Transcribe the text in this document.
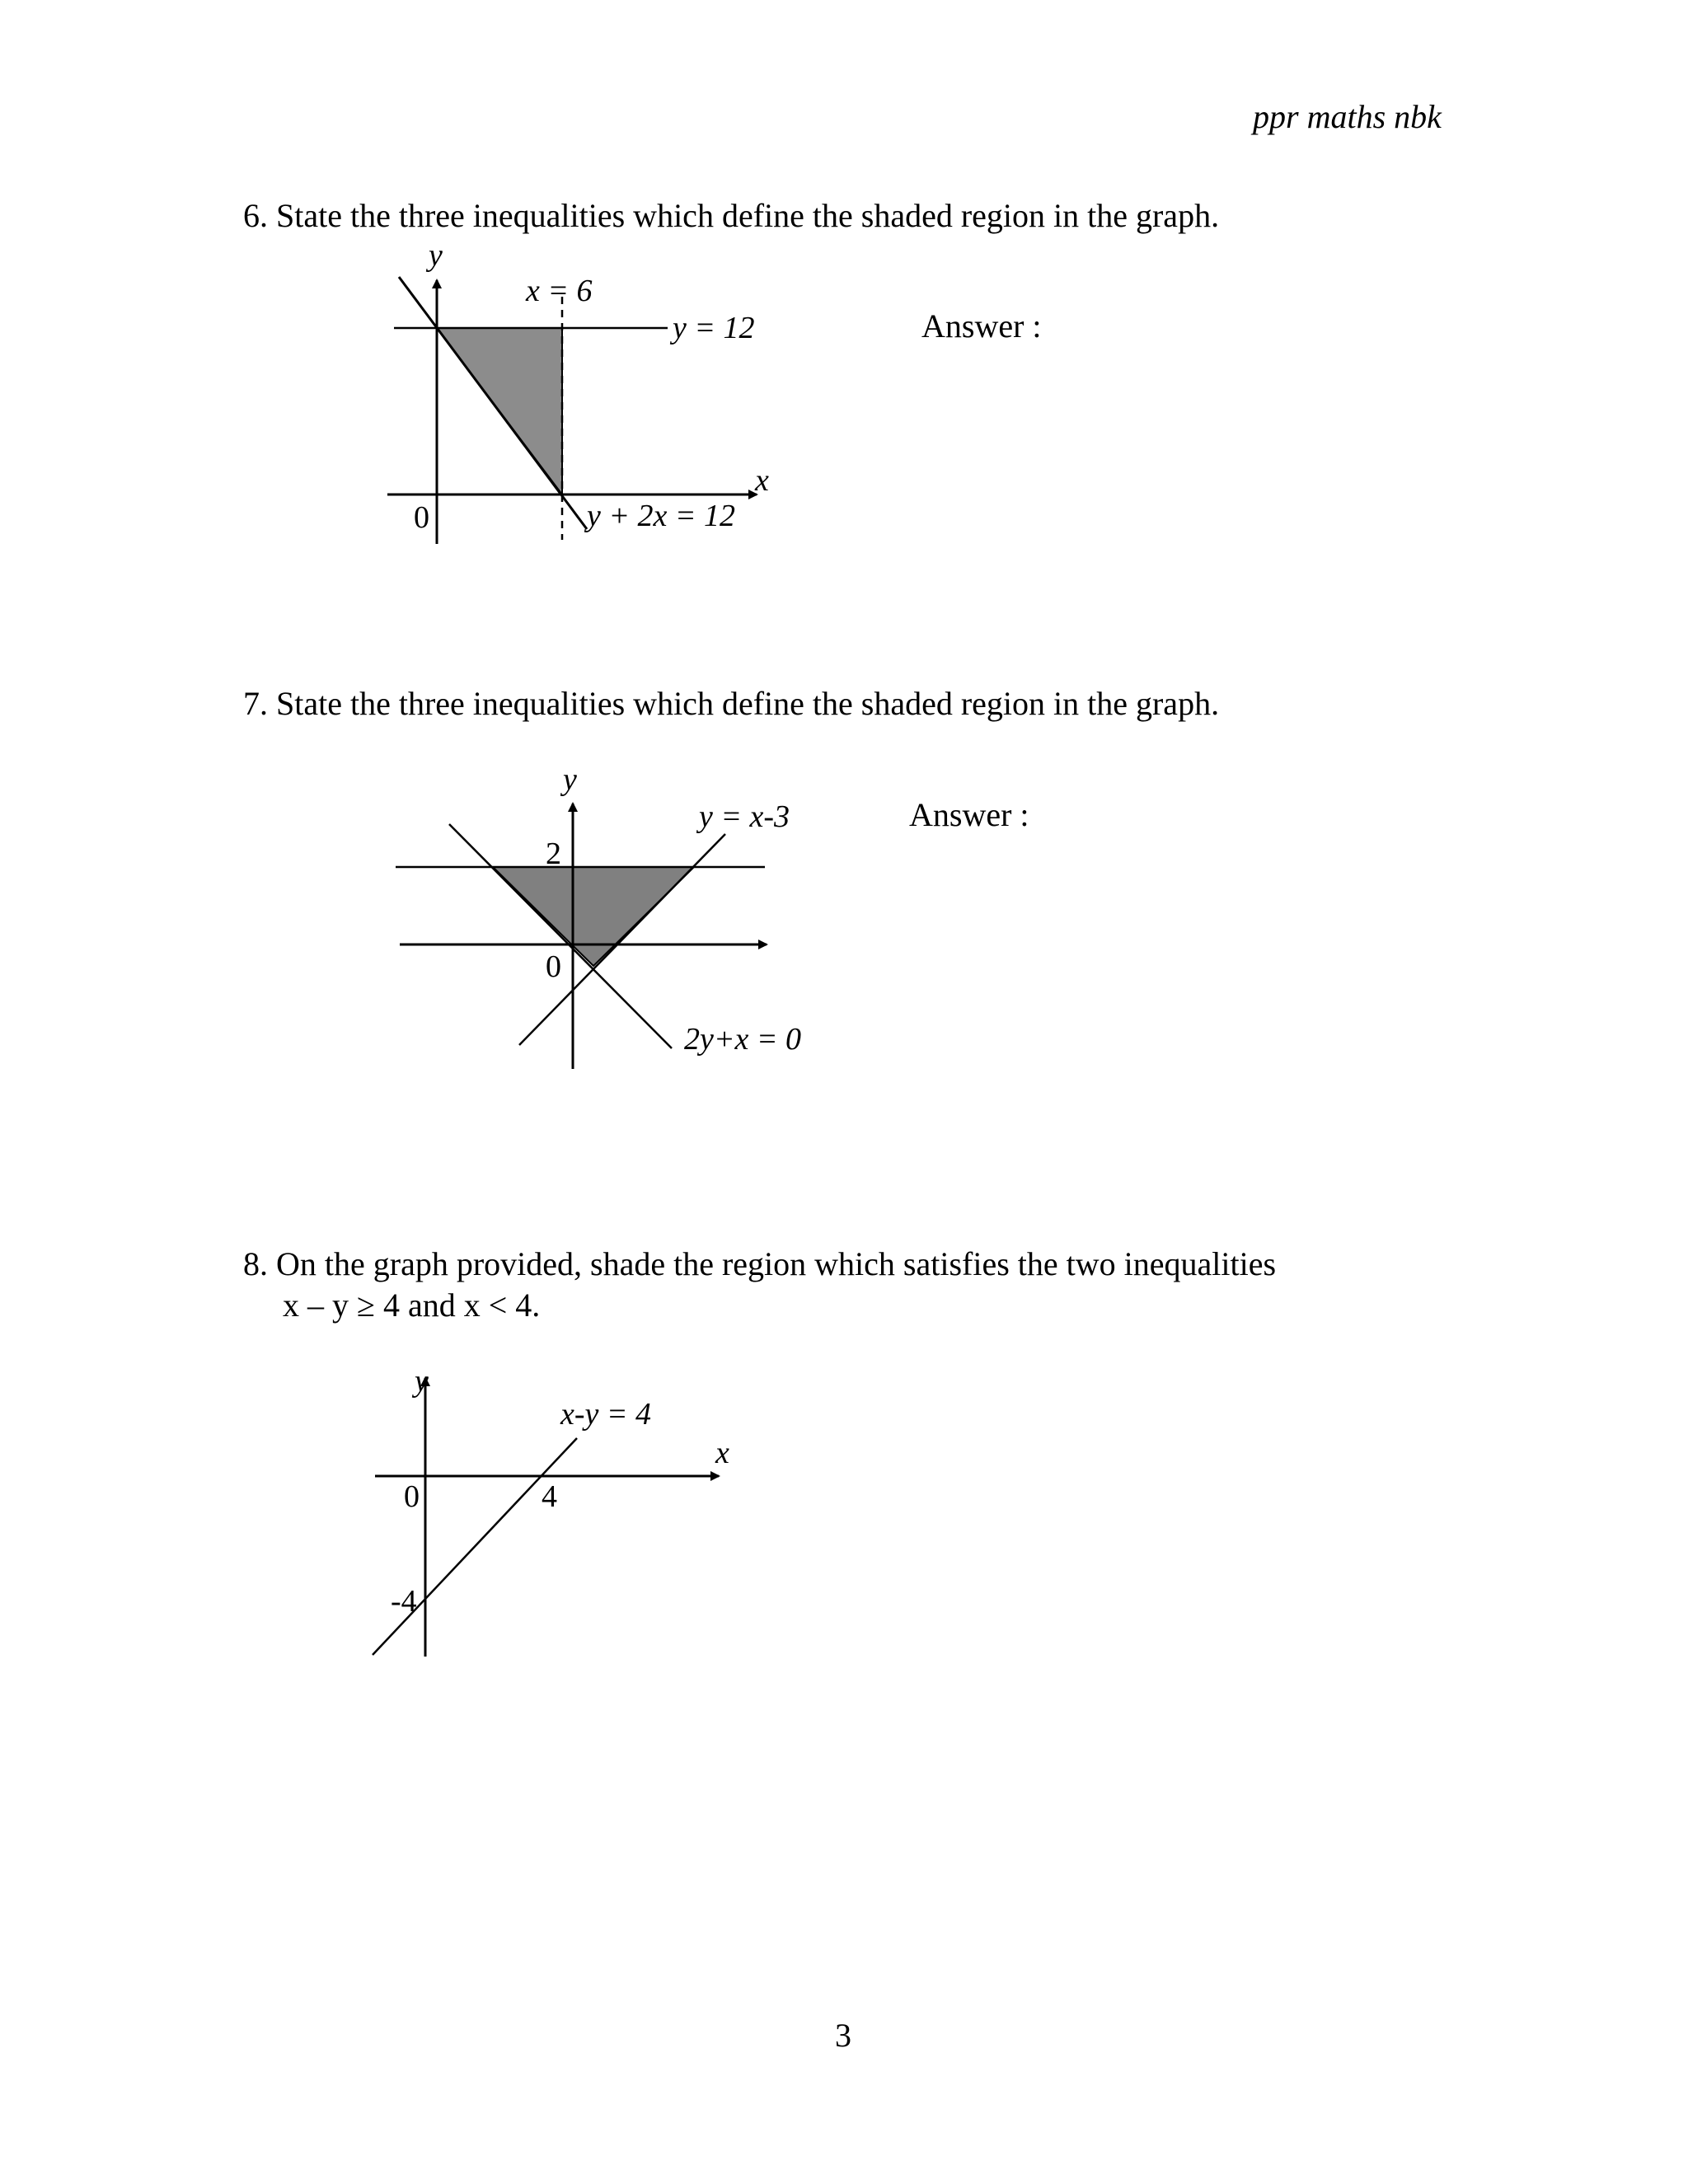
ppr maths nbk
6. State the three inequalities which define the shaded region in the graph.
Answer :
7. State the three inequalities which define the shaded region in the graph.
Answer :
8. On the graph provided, shade the region which satisfies the two inequalities
x – y ≥ 4 and x < 4.
y
x
0
x = 6
y = 12
y + 2x = 12
y
2
0
y = x-3
2y+x = 0
y
x
0	4
-4
x-y = 4
3
